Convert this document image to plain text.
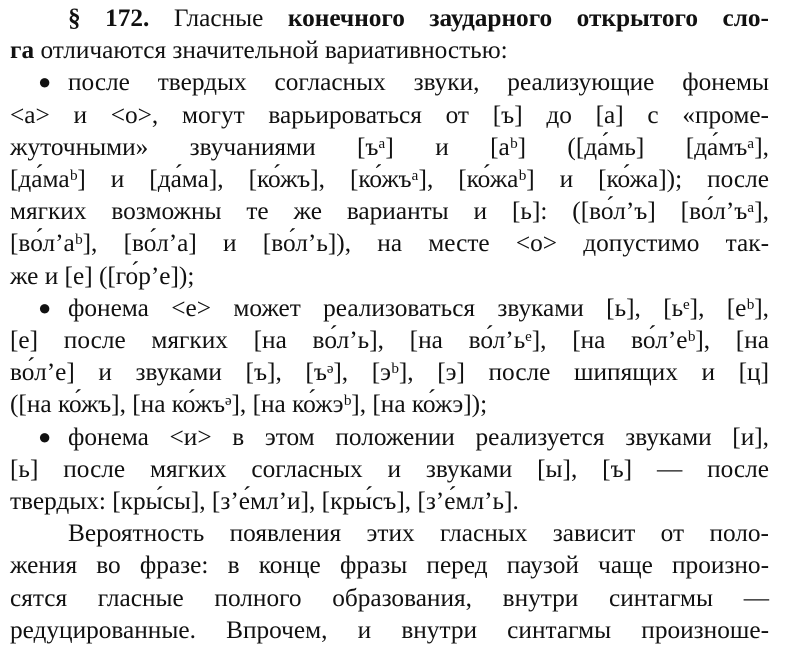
§ 172. Гласные конечного заударного открытого сло-
га отличаются значительной вариативностью:
● после твердых согласных звуки, реализующие фонемы
<а> и <о>, могут варьироваться от [ъ] до [а] с «проме-
жуточными» звучаниями [ъᵃ] и [аᵇ] ([да́мь] [да́мъᵃ],
[да́маᵇ] и [да́ма], [ко́жъ], [ко́жъᵃ], [ко́жаᵇ] и [ко́жа]); после
мягких возможны те же варианты и [ь]: ([во́л’ъ] [во́л’ъᵃ],
[во́л’аᵇ], [во́л’а] и [во́л’ь]), на месте <о> допустимо так-
же и [е] ([го́р’е]);
● фонема <е> может реализоваться звуками [ь], [ьᵉ], [еᵇ],
[е] после мягких [на во́л’ь], [на во́л’ьᵉ], [на во́л’еᵇ], [на
во́л’е] и звуками [ъ], [ъᵊ], [эᵇ], [э] после шипящих и [ц]
([на ко́жъ], [на ко́жъᵊ], [на ко́жэᵇ], [на ко́жэ]);
● фонема <и> в этом положении реализуется звуками [и],
[ь] после мягких согласных и звуками [ы], [ъ] — после
твердых: [кры́сы], [з’е́мл’и], [кры́съ], [з’е́мл’ь].
Вероятность появления этих гласных зависит от поло-
жения во фразе: в конце фразы перед паузой чаще произно-
сятся гласные полного образования, внутри синтагмы —
редуцированные. Впрочем, и внутри синтагмы произноше-
